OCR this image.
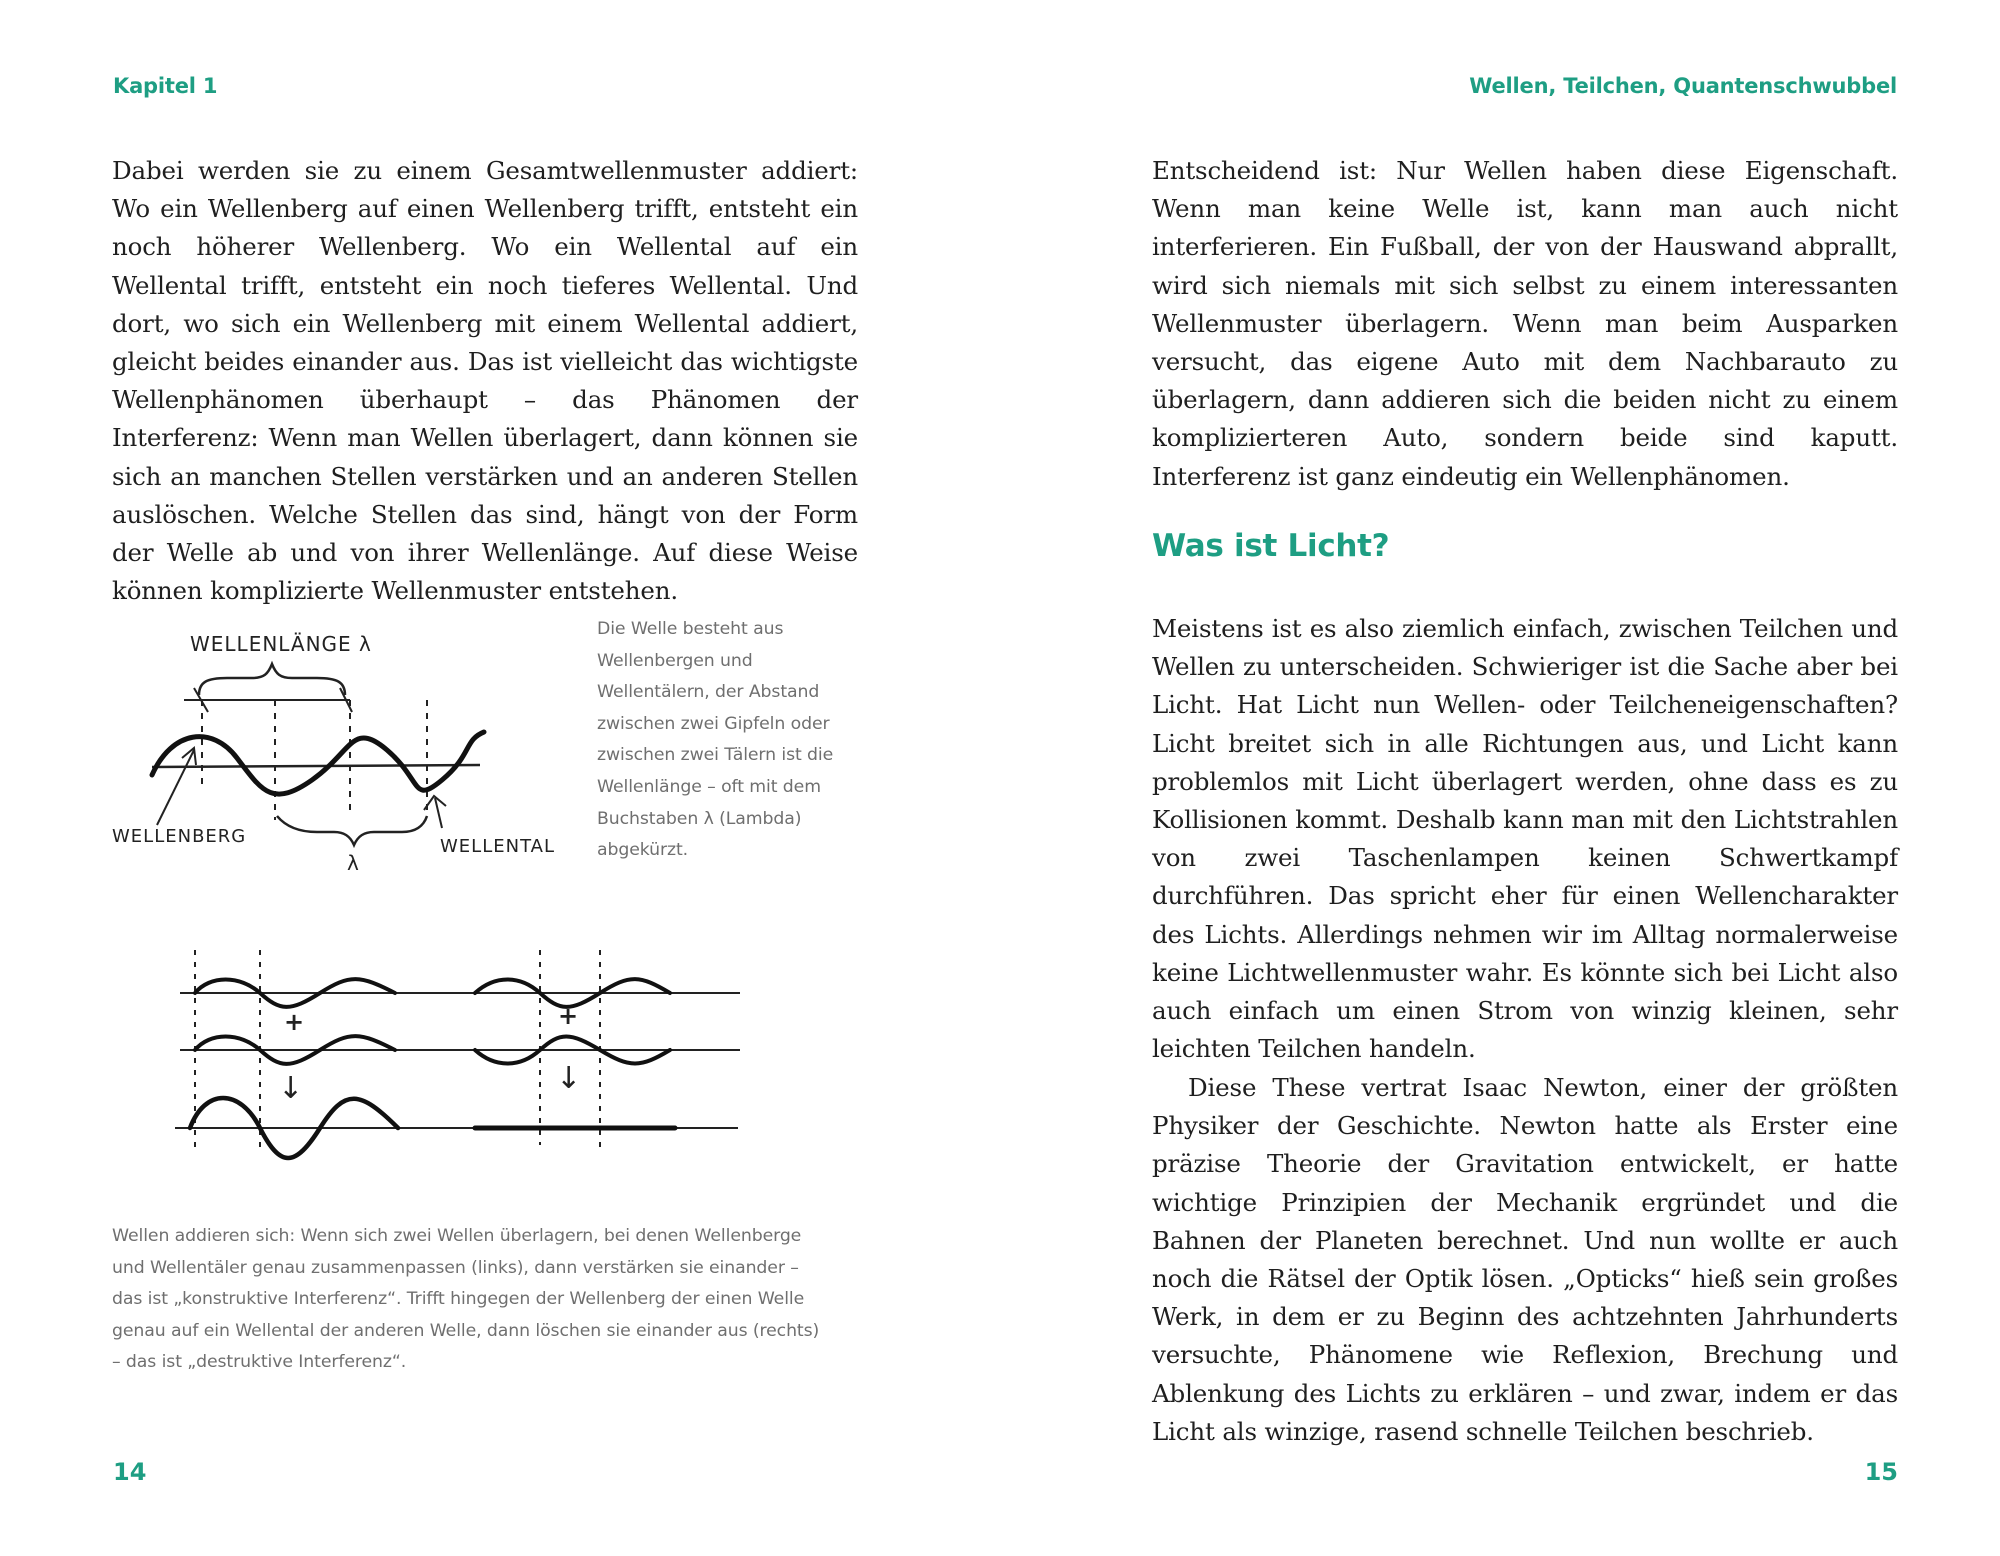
Kapitel 1

Dabei werden sie zu einem Gesamtwellenmuster addiert: Wo ein Wellenberg auf einen Wellenberg trifft, entsteht ein noch höherer Wellenberg. Wo ein Wellental auf ein Wellental trifft, entsteht ein noch tieferes Wellental. Und dort, wo sich ein Wellenberg mit einem Wellental addiert, gleicht beides einander aus. Das ist vielleicht das wichtigste Wellenphänomen überhaupt – das Phänomen der Interferenz: Wenn man Wellen überlagert, dann können sie sich an manchen Stellen verstärken und an anderen Stellen auslöschen. Welche Stellen das sind, hängt von der Form der Welle ab und von ihrer Wellenlänge. Auf diese Weise können komplizierte Wellenmuster entstehen.

WELLENLÄNGE λ
λ
WELLENBERG	WELLENTAL

Die Welle besteht aus Wellenbergen und Wellentälern, der Abstand zwischen zwei Gipfeln oder zwischen zwei Tälern ist die Wellenlänge – oft mit dem Buchstaben λ (Lambda) abgekürzt.

+
↓
+
↓

Wellen addieren sich: Wenn sich zwei Wellen überlagern, bei denen Wellenberge und Wellentäler genau zusammenpassen (links), dann verstärken sie einander – das ist „konstruktive Interferenz“. Trifft hingegen der Wellenberg der einen Welle genau auf ein Wellental der anderen Welle, dann löschen sie einander aus (rechts) – das ist „destruktive Interferenz“.

14
Wellen, Teilchen, Quantenschwubbel
15

Entscheidend ist: Nur Wellen haben diese Eigenschaft. Wenn man keine Welle ist, kann man auch nicht interferieren. Ein Fußball, der von der Hauswand abprallt, wird sich niemals mit sich selbst zu einem interessanten Wellenmuster überlagern. Wenn man beim Ausparken versucht, das eigene Auto mit dem Nachbarauto zu überlagern, dann addieren sich die beiden nicht zu einem komplizierteren Auto, sondern beide sind kaputt. Interferenz ist ganz eindeutig ein Wellenphänomen.

Was ist Licht?

Meistens ist es also ziemlich einfach, zwischen Teilchen und Wellen zu unterscheiden. Schwieriger ist die Sache aber bei Licht. Hat Licht nun Wellen- oder Teilcheneigenschaften? Licht breitet sich in alle Richtungen aus, und Licht kann problemlos mit Licht überlagert werden, ohne dass es zu Kollisionen kommt. Deshalb kann man mit den Lichtstrahlen von zwei Taschenlampen keinen Schwertkampf durchführen. Das spricht eher für einen Wellencharakter des Lichts. Allerdings nehmen wir im Alltag normalerweise keine Lichtwellenmuster wahr. Es könnte sich bei Licht also auch einfach um einen Strom von winzig kleinen, sehr leichten Teilchen handeln.

Diese These vertrat Isaac Newton, einer der größten Physiker der Geschichte. Newton hatte als Erster eine präzise Theorie der Gravitation entwickelt, er hatte wichtige Prinzipien der Mechanik ergründet und die Bahnen der Planeten berechnet. Und nun wollte er auch noch die Rätsel der Optik lösen. „Opticks“ hieß sein großes Werk, in dem er zu Beginn des achtzehnten Jahrhunderts versuchte, Phänomene wie Reflexion, Brechung und Ablenkung des Lichts zu erklären – und zwar, indem er das Licht als winzige, rasend schnelle Teilchen beschrieb.
